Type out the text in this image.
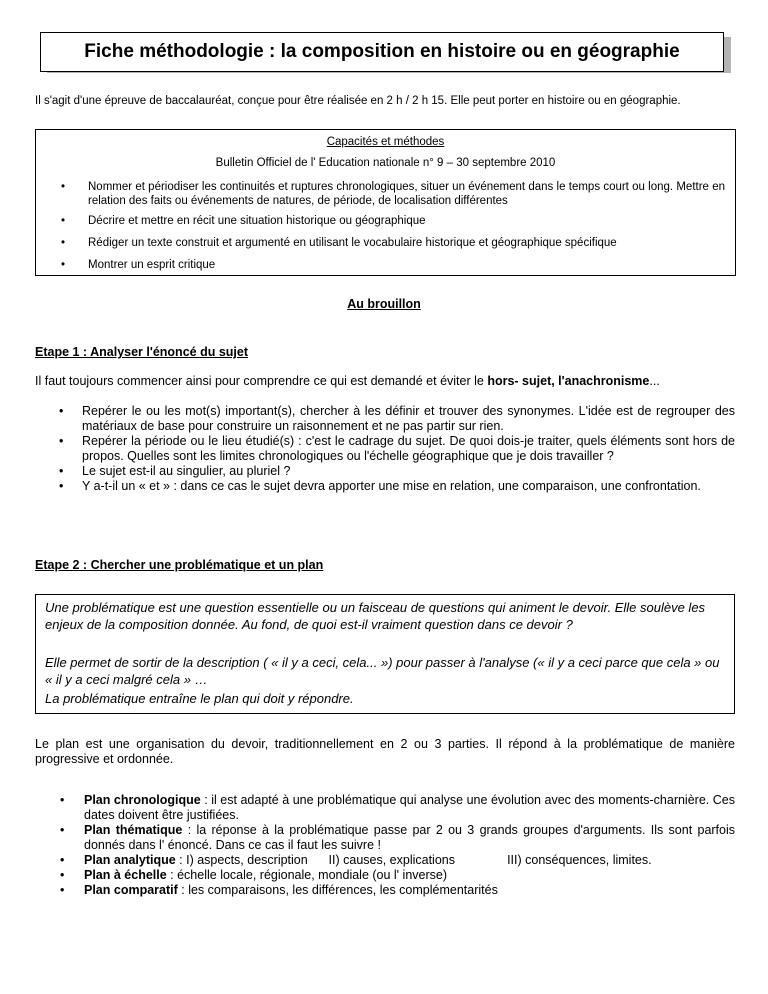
Fiche méthodologie : la composition en histoire ou en géographie
Il s'agit d'une épreuve de baccalauréat, conçue pour être réalisée en 2 h / 2 h 15. Elle peut porter en histoire ou en géographie.
Capacités et méthodes
Bulletin Officiel de l' Education nationale n° 9 – 30 septembre 2010
• Nommer et périodiser les continuités et ruptures chronologiques, situer un événement dans le temps court ou long. Mettre en relation des faits ou événements de natures, de période, de localisation différentes
• Décrire et mettre en récit une situation historique ou géographique
• Rédiger un texte construit et argumenté en utilisant le vocabulaire historique et géographique spécifique
• Montrer un esprit critique
Au brouillon
Etape 1 : Analyser l'énoncé du sujet
Il faut toujours commencer ainsi pour comprendre ce qui est demandé et éviter le hors- sujet, l'anachronisme...
• Repérer le ou les mot(s) important(s), chercher à les définir et trouver des synonymes. L'idée est de regrouper des matériaux de base pour construire un raisonnement et ne pas partir sur rien.
• Repérer la période ou le lieu étudié(s) : c'est le cadrage du sujet. De quoi dois-je traiter, quels éléments sont hors de propos. Quelles sont les limites chronologiques ou l'échelle géographique que je dois travailler ?
• Le sujet est-il au singulier, au pluriel ?
• Y a-t-il un « et » : dans ce cas le sujet devra apporter une mise en relation, une comparaison, une confrontation.
Etape 2 : Chercher une problématique et un plan
Une problématique est une question essentielle ou un faisceau de questions qui animent le devoir. Elle soulève les enjeux de la composition donnée. Au fond, de quoi est-il vraiment question dans ce devoir ?
Elle permet de sortir de la description ( « il y a ceci, cela... ») pour passer à l'analyse (« il y a ceci parce que cela » ou « il y a ceci malgré cela » …
La problématique entraîne le plan qui doit y répondre.
Le plan est une organisation du devoir, traditionnellement en 2 ou 3 parties. Il répond à la problématique de manière progressive et ordonnée.
• Plan chronologique : il est adapté à une problématique qui analyse une évolution avec des moments-charnière. Ces dates doivent être justifiées.
• Plan thématique : la réponse à la problématique passe par 2 ou 3 grands groupes d'arguments. Ils sont parfois donnés dans l' énoncé. Dans ce cas il faut les suivre !
• Plan analytique : I) aspects, description      II) causes, explications               III) conséquences, limites.
• Plan à échelle : échelle locale, régionale, mondiale (ou l' inverse)
• Plan comparatif : les comparaisons, les différences, les complémentarités
